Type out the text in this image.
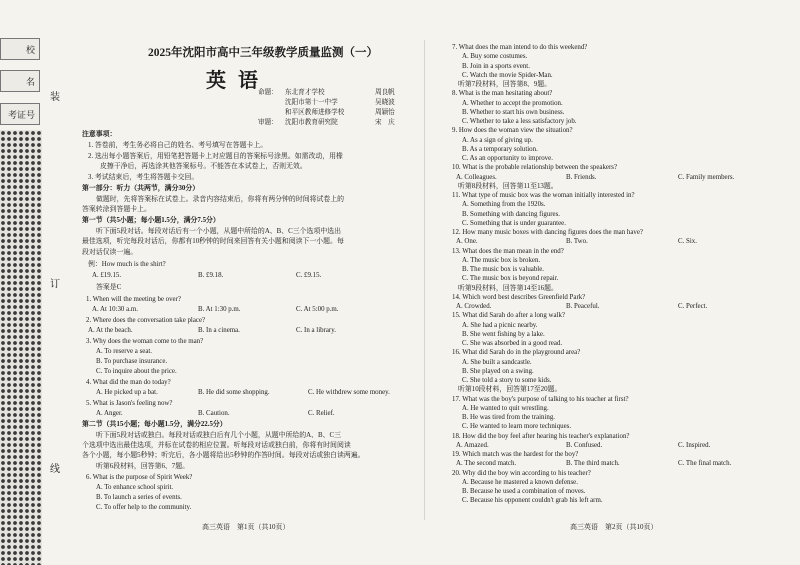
校
名
考证号
装
订
线
2025年沈阳市高中三年级教学质量监测（一）
英语
命题：	东北育才学校	周良帆
沈阳市第十一中学	吴晓波
和平区教师进修学校	周颖怡
审题：	沈阳市教育研究院	宋　庆
注意事项：
1. 答卷前，考生务必将自己的姓名、考号填写在答题卡上。
2. 选出每小题答案后，用铅笔把答题卡上对应题目的答案标号涂黑。如需改动，用橡
皮擦干净后，再选涂其他答案标号。不能答在本试卷上，否则无效。
3. 考试结束后，考生将答题卡交回。
第一部分：听力（共两节，满分30分）
做题时，先将答案标在试卷上。录音内容结束后，你将有两分钟的时间将试卷上的
答案转涂到答题卡上。
第一节（共5小题；每小题1.5分，满分7.5分）
听下面5段对话。每段对话后有一个小题，从题中所给的A、B、C三个选项中选出
最佳选项，听完每段对话后，你都有10秒钟的时间来回答有关小题和阅读下一小题。每
段对话仅读一遍。
例：How much is the shirt?
A. £19.15.	B. £9.18.	C. £9.15.
答案是C
1. When will the meeting be over?
A. At 10:30 a.m.	B. At 1:30 p.m.	C. At 5:00 p.m.
2. Where does the conversation take place?
A. At the beach.	B. In a cinema.	C. In a library.
3. Why does the woman come to the man?
A. To reserve a seat.
B. To purchase insurance.
C. To inquire about the price.
4. What did the man do today?
A. He picked up a bat.	B. He did some shopping.	C. He withdrew some money.
5. What is Jason's feeling now?
A. Anger.	B. Caution.	C. Relief.
第二节（共15小题；每小题1.5分，满分22.5分）
听下面5段对话或独白。每段对话或独白后有几个小题，从题中所给的A、B、C三
个选项中选出最佳选项，并标在试卷的相应位置。听每段对话或独白前，你将有时间阅读
各个小题，每小题5秒钟；听完后，各小题将给出5秒钟的作答时间。每段对话或独白读两遍。
听第6段材料，回答第6、7题。
6. What is the purpose of Spirit Week?
A. To enhance school spirit.
B. To launch a series of events.
C. To offer help to the community.
高三英语　第1页（共10页）
7. What does the man intend to do this weekend?
A. Buy some costumes.
B. Join in a sports event.
C. Watch the movie Spider-Man.
听第7段材料，回答第8、9题。
8. What is the man hesitating about?
A. Whether to accept the promotion.
B. Whether to start his own business.
C. Whether to take a less satisfactory job.
9. How does the woman view the situation?
A. As a sign of giving up.
B. As a temporary solution.
C. As an opportunity to improve.
10. What is the probable relationship between the speakers?
A. Colleagues.	B. Friends.	C. Family members.
听第8段材料，回答第11至13题。
11. What type of music box was the woman initially interested in?
A. Something from the 1920s.
B. Something with dancing figures.
C. Something that is under guarantee.
12. How many music boxes with dancing figures does the man have?
A. One.	B. Two.	C. Six.
13. What does the man mean in the end?
A. The music box is broken.
B. The music box is valuable.
C. The music box is beyond repair.
听第9段材料，回答第14至16题。
14. Which word best describes Greenfield Park?
A. Crowded.	B. Peaceful.	C. Perfect.
15. What did Sarah do after a long walk?
A. She had a picnic nearby.
B. She went fishing by a lake.
C. She was absorbed in a good read.
16. What did Sarah do in the playground area?
A. She built a sandcastle.
B. She played on a swing.
C. She told a story to some kids.
听第10段材料，回答第17至20题。
17. What was the boy's purpose of talking to his teacher at first?
A. He wanted to quit wrestling.
B. He was tired from the training.
C. He wanted to learn more techniques.
18. How did the boy feel after hearing his teacher's explanation?
A. Amazed.	B. Confused.	C. Inspired.
19. Which match was the hardest for the boy?
A. The second match.	B. The third match.	C. The final match.
20. Why did the boy win according to his teacher?
A. Because he mastered a known defense.
B. Because he used a combination of moves.
C. Because his opponent couldn't grab his left arm.
高三英语　第2页（共10页）
